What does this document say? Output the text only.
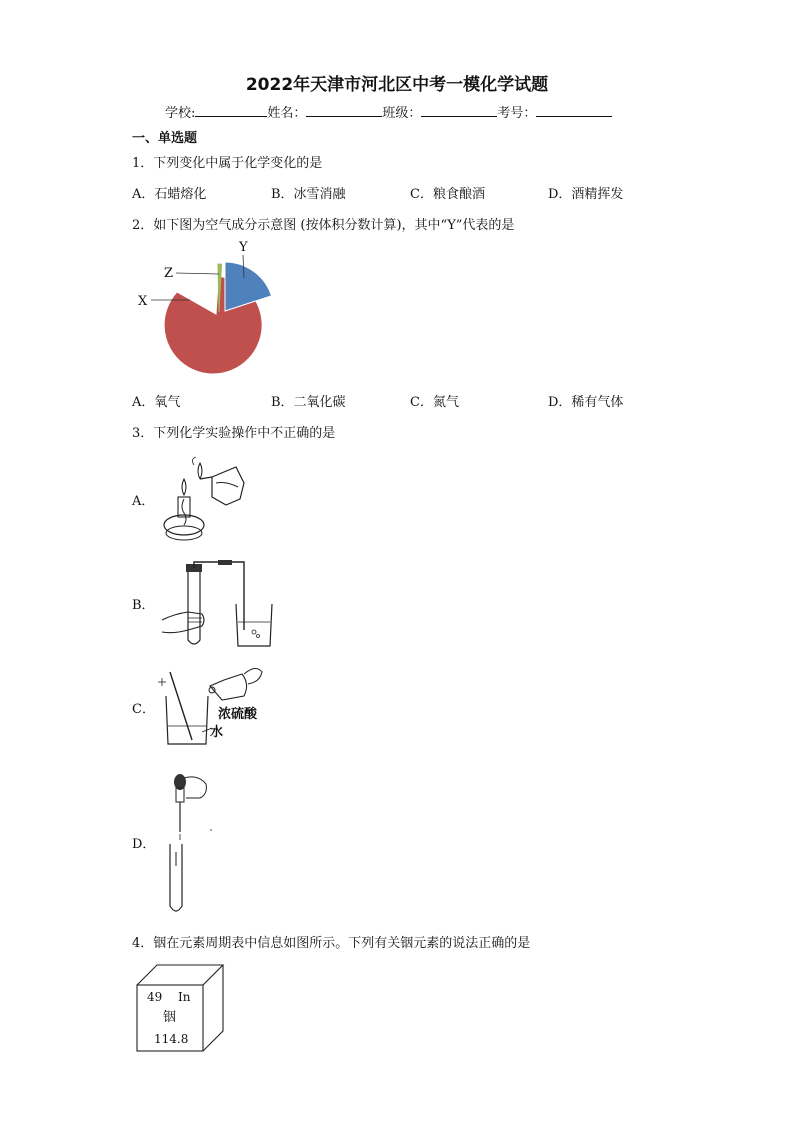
2022年天津市河北区中考一模化学试题
学校:	姓名：	班级：	考号：
一、单选题
1．下列变化中属于化学变化的是
A．石蜡熔化	B．冰雪消融	C．粮食酿酒	D．酒精挥发
2．如下图为空气成分示意图 (按体积分数计算)，其中“Y”代表的是
Y
Z
X
A．氧气	B．二氧化碳	C．氮气	D．稀有气体
3．下列化学实验操作中不正确的是
A．
B．
C．	浓硫酸
水
D．
4．铟在元素周期表中信息如图所示。下列有关铟元素的说法正确的是
49 In
铟
114.8
